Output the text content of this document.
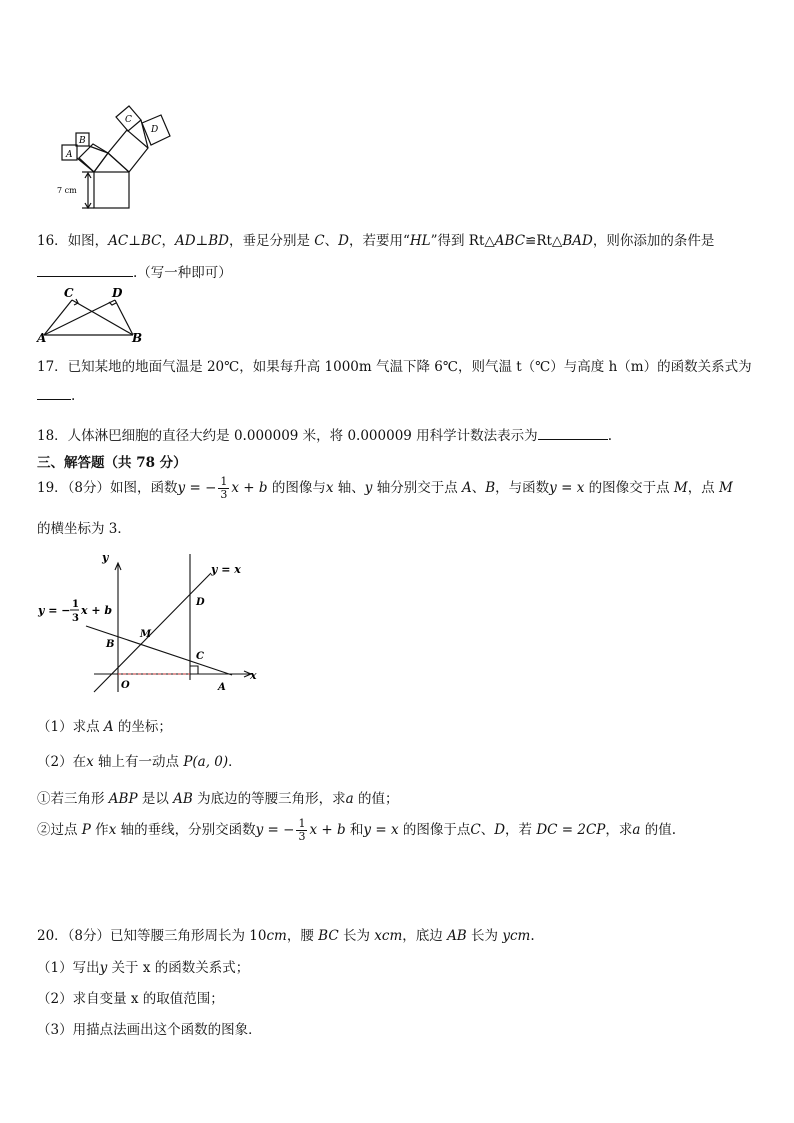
A
B
C
D
7 cm
16．如图，AC⊥BC，AD⊥BD，垂足分别是 C、D，若要用“HL”得到 Rt△ABC≌Rt△BAD，则你添加的条件是
.（写一种即可）
C	D
A	B
17．已知某地的地面气温是 20℃，如果每升高 1000m 气温下降 6℃，则气温 t（℃）与高度 h（m）的函数关系式为
.
18．人体淋巴细胞的直径大约是 0.000009 米，将 0.000009 用科学计数法表示为	.
三、解答题（共 78 分）
19．（8分）如图，函数y = − $\frac{1}{3}$ x + b 的图像与x 轴、y 轴分别交于点 A、B，与函数y = x 的图像交于点 M，点 M
的横坐标为 3．
y
x
y = x
y = − 1
3
x + b
D
M
B
C
O	A
（1）求点 A 的坐标；
（2）在x 轴上有一动点 P(a, 0)．
①若三角形 ABP 是以 AB 为底边的等腰三角形，求a 的值；
②过点 P 作x 轴的垂线，分别交函数y = − $\frac{1}{3}$ x + b 和y = x 的图像于点C、D，若 DC = 2CP，求a 的值.
20．（8分）已知等腰三角形周长为 10cm，腰 BC 长为 xcm，底边 AB 长为 ycm.
（1）写出y 关于 x 的函数关系式；
（2）求自变量 x 的取值范围；
（3）用描点法画出这个函数的图象．
